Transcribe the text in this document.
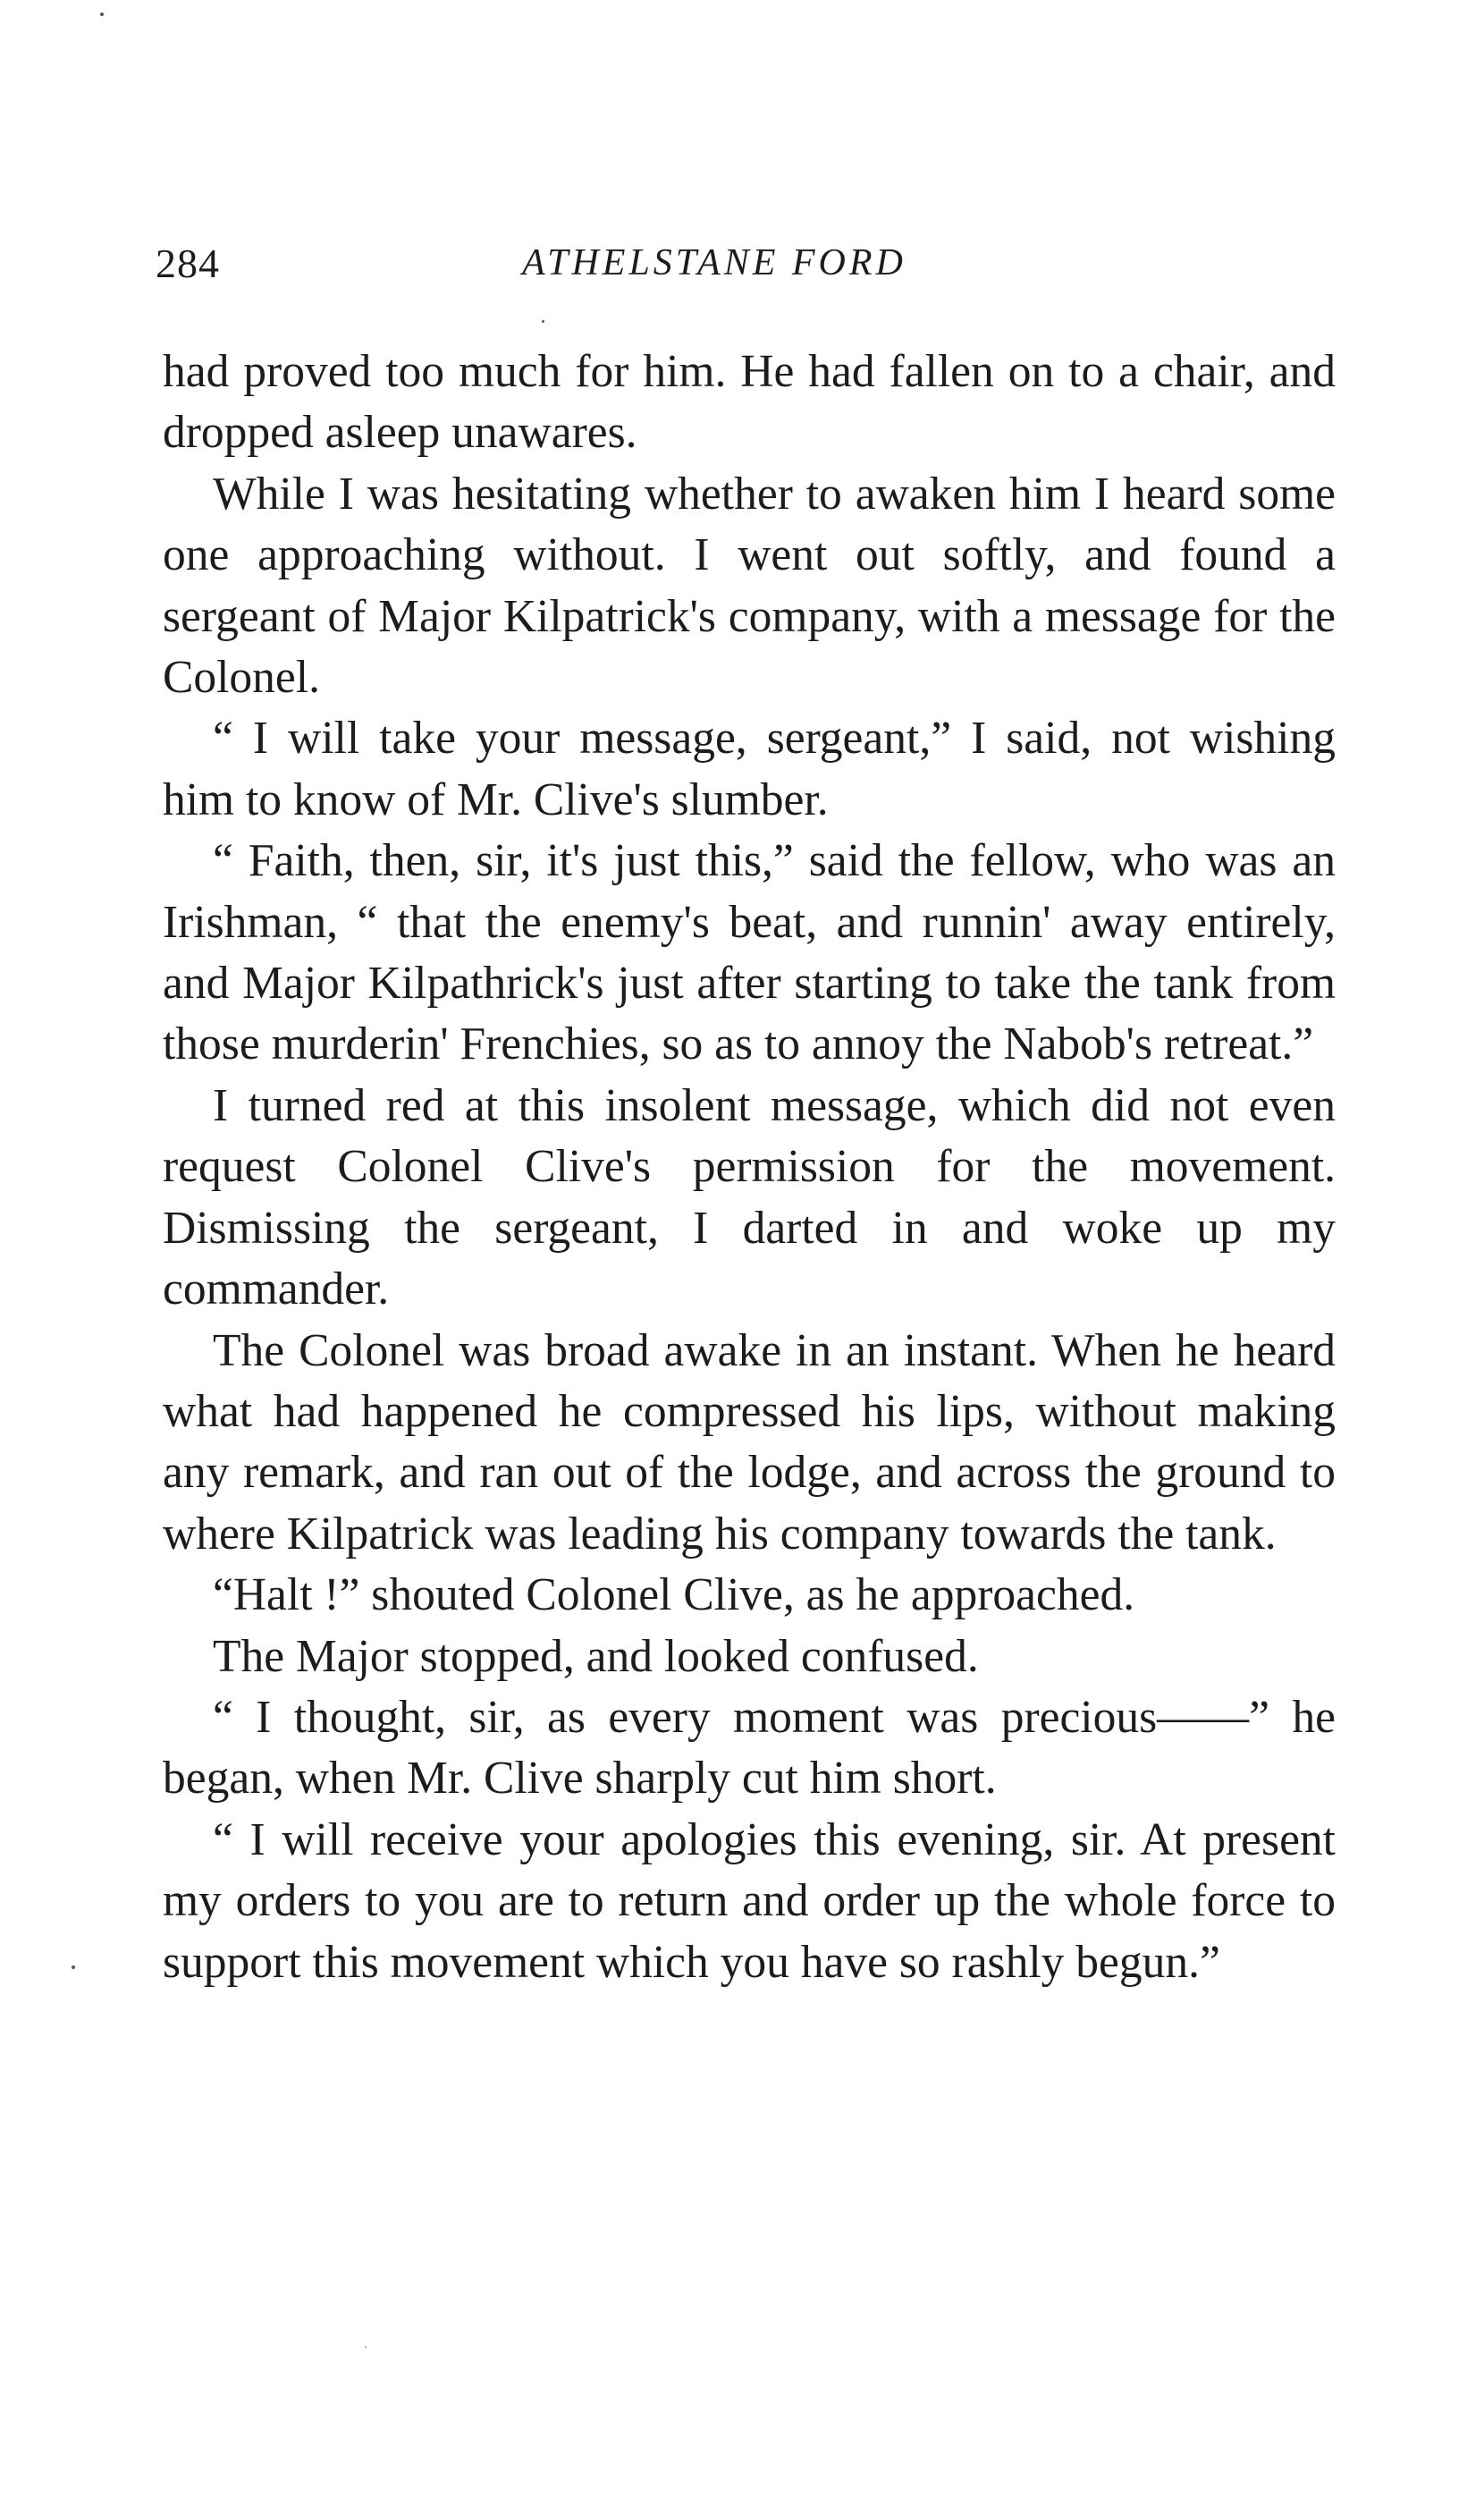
284	ATHELSTANE FORD

had proved too much for him. He had fallen on to a chair, and dropped asleep unawares.

While I was hesitating whether to awaken him I heard some one approaching without. I went out softly, and found a sergeant of Major Kilpatrick's company, with a message for the Colonel.

“ I will take your message, sergeant,” I said, not wishing him to know of Mr. Clive's slumber.

“ Faith, then, sir, it's just this,” said the fellow, who was an Irishman, “ that the enemy's beat, and runnin' away entirely, and Major Kilpathrick's just after starting to take the tank from those murderin' Frenchies, so as to annoy the Nabob's retreat.”

I turned red at this insolent message, which did not even request Colonel Clive's permission for the movement. Dismissing the sergeant, I darted in and woke up my commander.

The Colonel was broad awake in an instant. When he heard what had happened he compressed his lips, without making any remark, and ran out of the lodge, and across the ground to where Kilpatrick was leading his company towards the tank.

“Halt !” shouted Colonel Clive, as he approached.

The Major stopped, and looked confused.

“ I thought, sir, as every moment was precious——” he began, when Mr. Clive sharply cut him short.

“ I will receive your apologies this evening, sir. At present my orders to you are to return and order up the whole force to support this movement which you have so rashly begun.”
